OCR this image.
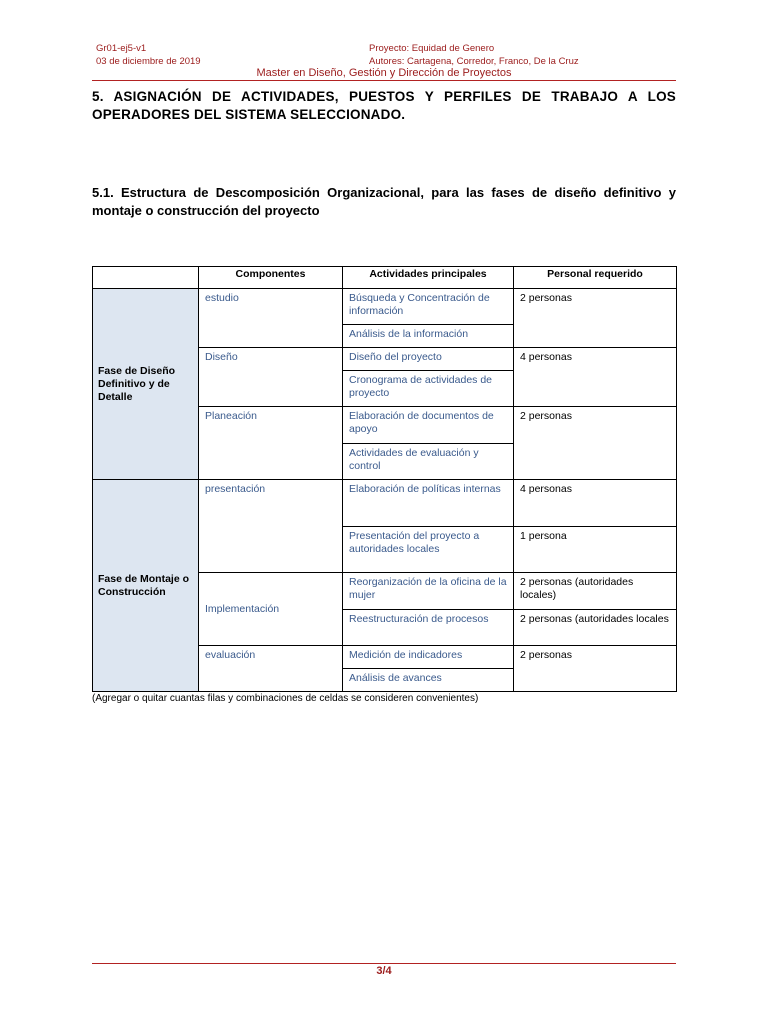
Gr01-ej5-v1
03 de diciembre de 2019
Proyecto: Equidad de Genero
Autores: Cartagena, Corredor, Franco, De la Cruz
Master en Diseño, Gestión y Dirección de Proyectos
5. ASIGNACIÓN DE ACTIVIDADES, PUESTOS Y PERFILES DE TRABAJO A LOS OPERADORES DEL SISTEMA SELECCIONADO.
5.1. Estructura de Descomposición Organizacional, para las fases de diseño definitivo y montaje o construcción del proyecto
	Componentes	Actividades principales	Personal requerido
Fase de Diseño Definitivo y de Detalle	estudio	Búsqueda y Concentración de información	2 personas
		Análisis de la información	
	Diseño	Diseño del proyecto	4 personas
		Cronograma de actividades de proyecto	
	Planeación	Elaboración de documentos de apoyo	2 personas
		Actividades de evaluación y control	
Fase de Montaje o Construcción	presentación	Elaboración de políticas internas	4 personas
		Presentación del proyecto a autoridades locales	1 persona
	Implementación	Reorganización de la oficina de la mujer	2 personas (autoridades locales)
		Reestructuración de procesos	2 personas (autoridades locales
	evaluación	Medición de indicadores	2 personas
		Análisis de avances	
(Agregar o quitar cuantas filas y combinaciones de celdas se consideren convenientes)
3/4
